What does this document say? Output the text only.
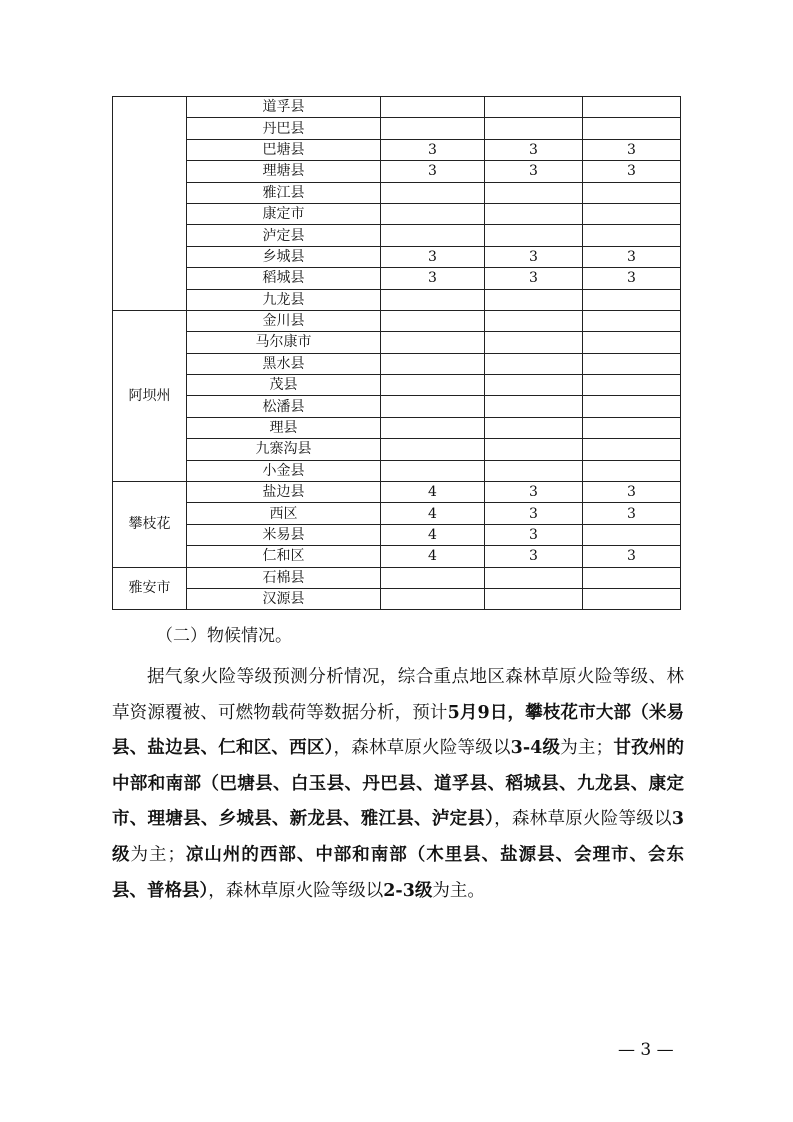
	道孚县			
	丹巴县			
	巴塘县	3	3	3
	理塘县	3	3	3
	雅江县			
	康定市			
	泸定县			
	乡城县	3	3	3
	稻城县	3	3	3
	九龙县			
阿坝州	金川县			
	马尔康市			
	黑水县			
	茂县			
	松潘县			
	理县			
	九寨沟县			
	小金县			
攀枝花	盐边县	4	3	3
	西区	4	3	3
	米易县	4	3	
	仁和区	4	3	3
雅安市	石棉县			
	汉源县			
（二）物候情况。
据气象火险等级预测分析情况，综合重点地区森林草原火险等级、林草资源覆被、可燃物载荷等数据分析，预计5月9日，攀枝花市大部（米易县、盐边县、仁和区、西区），森林草原火险等级以3-4级为主；甘孜州的中部和南部（巴塘县、白玉县、丹巴县、道孚县、稻城县、九龙县、康定市、理塘县、乡城县、新龙县、雅江县、泸定县），森林草原火险等级以3级为主；凉山州的西部、中部和南部（木里县、盐源县、会理市、会东县、普格县），森林草原火险等级以2-3级为主。
— 3 —
